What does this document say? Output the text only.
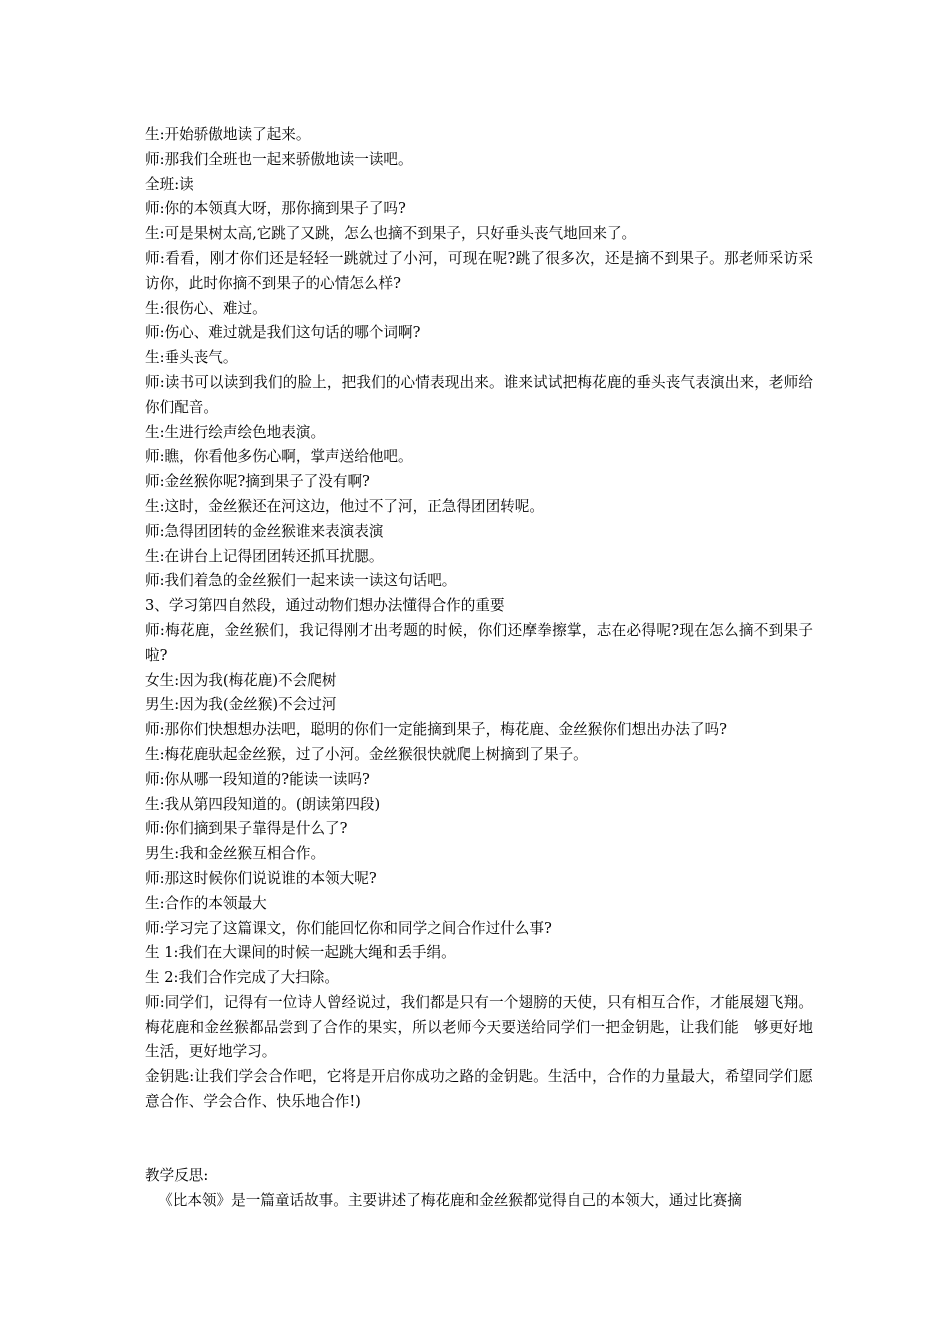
生:开始骄傲地读了起来。

师:那我们全班也一起来骄傲地读一读吧。

全班:读

师:你的本领真大呀，那你摘到果子了吗?

生:可是果树太高,它跳了又跳，怎么也摘不到果子，只好垂头丧气地回来了。

师:看看，刚才你们还是轻轻一跳就过了小河，可现在呢?跳了很多次，还是摘不到果子。那老师采访采访你，此时你摘不到果子的心情怎么样?

生:很伤心、难过。

师:伤心、难过就是我们这句话的哪个词啊?

生:垂头丧气。

师:读书可以读到我们的脸上，把我们的心情表现出来。谁来试试把梅花鹿的垂头丧气表演出来，老师给你们配音。

生:生进行绘声绘色地表演。

师:瞧，你看他多伤心啊，掌声送给他吧。

师:金丝猴你呢?摘到果子了没有啊?

生:这时，金丝猴还在河这边，他过不了河，正急得团团转呢。

师:急得团团转的金丝猴谁来表演表演

生:在讲台上记得团团转还抓耳扰腮。

师:我们着急的金丝猴们一起来读一读这句话吧。

3、学习第四自然段，通过动物们想办法懂得合作的重要

师:梅花鹿，金丝猴们，我记得刚才出考题的时候，你们还摩拳擦掌，志在必得呢?现在怎么摘不到果子啦?

女生:因为我(梅花鹿)不会爬树

男生:因为我(金丝猴)不会过河

师:那你们快想想办法吧，聪明的你们一定能摘到果子，梅花鹿、金丝猴你们想出办法了吗?

生:梅花鹿驮起金丝猴，过了小河。金丝猴很快就爬上树摘到了果子。

师:你从哪一段知道的?能读一读吗?

生:我从第四段知道的。(朗读第四段)

师:你们摘到果子靠得是什么了?

男生:我和金丝猴互相合作。

师:那这时候你们说说谁的本领大呢?

生:合作的本领最大

师:学习完了这篇课文，你们能回忆你和同学之间合作过什么事?

生 1:我们在大课间的时候一起跳大绳和丢手绢。

生 2:我们合作完成了大扫除。

师:同学们，记得有一位诗人曾经说过，我们都是只有一个翅膀的天使，只有相互合作，才能展翅飞翔。梅花鹿和金丝猴都品尝到了合作的果实，所以老师今天要送给同学们一把金钥匙，让我们能　够更好地生活，更好地学习。

金钥匙:让我们学会合作吧，它将是开启你成功之路的金钥匙。生活中，合作的力量最大，希望同学们愿意合作、学会合作、快乐地合作!)

教学反思:

《比本领》是一篇童话故事。主要讲述了梅花鹿和金丝猴都觉得自己的本领大，通过比赛摘
